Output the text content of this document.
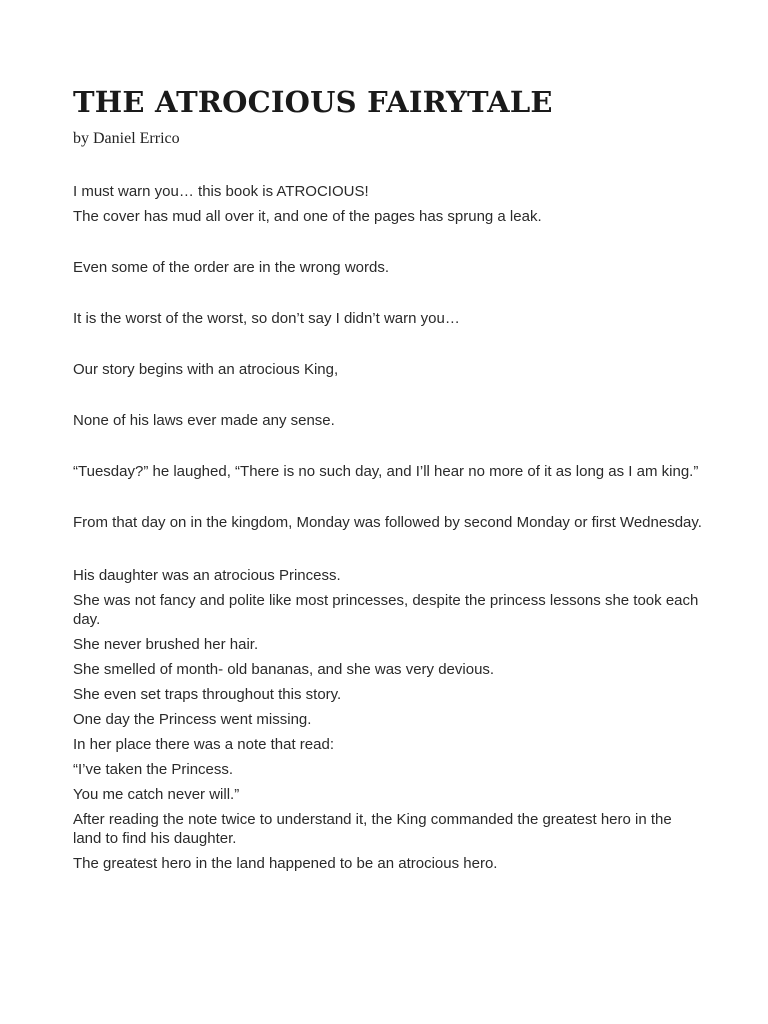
THE ATROCIOUS FAIRYTALE

by Daniel Errico

I must warn you… this book is ATROCIOUS!

The cover has mud all over it, and one of the pages has sprung a leak.

Even some of the order are in the wrong words.

It is the worst of the worst, so don’t say I didn’t warn you…

Our story begins with an atrocious King,

None of his laws ever made any sense.

“Tuesday?” he laughed, “There is no such day, and I’ll hear no more of it as long as I am king.”

From that day on in the kingdom, Monday was followed by second Monday or first Wednesday.

His daughter was an atrocious Princess.

She was not fancy and polite like most princesses, despite the princess lessons she took each day.

She never brushed her hair.

She smelled of month- old bananas, and she was very devious.

She even set traps throughout this story.

One day the Princess went missing.

In her place there was a note that read:

“I’ve taken the Princess.

You me catch never will.”

After reading the note twice to understand it, the King commanded the greatest hero in the land to find his daughter.

The greatest hero in the land happened to be an atrocious hero.
